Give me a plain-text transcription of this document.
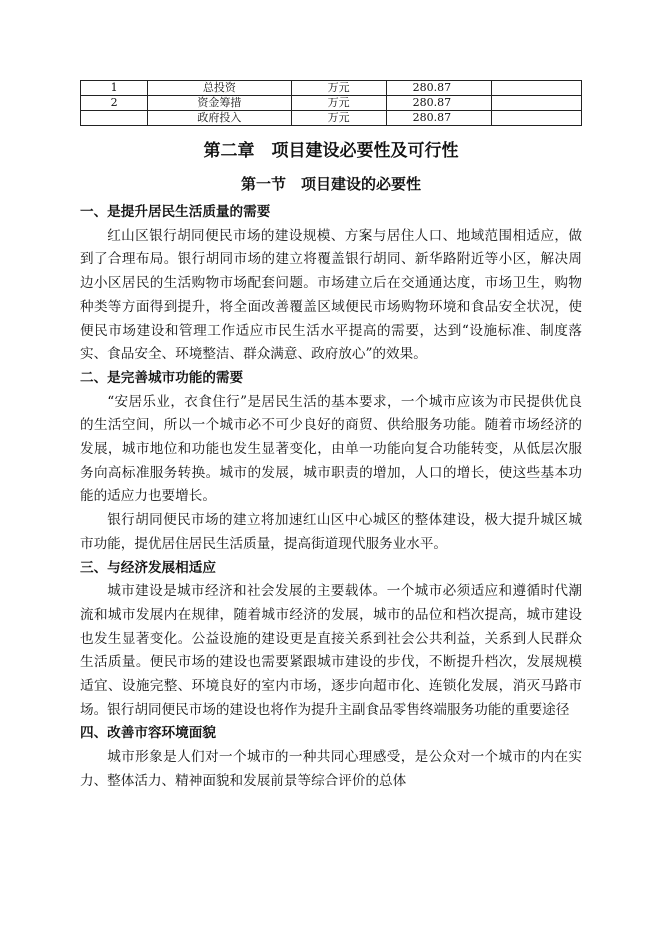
1	总投资	万元	280.87	
2	资金筹措	万元	280.87	
	政府投入	万元	280.87	
第二章　项目建设必要性及可行性
第一节　项目建设的必要性
一、是提升居民生活质量的需要

红山区银行胡同便民市场的建设规模、方案与居住人口、地域范围相适应，做到了合理布局。银行胡同市场的建立将覆盖银行胡同、新华路附近等小区，解决周边小区居民的生活购物市场配套问题。市场建立后在交通通达度，市场卫生，购物种类等方面得到提升，将全面改善覆盖区域便民市场购物环境和食品安全状况，使便民市场建设和管理工作适应市民生活水平提高的需要，达到“设施标准、制度落实、食品安全、环境整洁、群众满意、政府放心”的效果。

二、是完善城市功能的需要

“安居乐业，衣食住行”是居民生活的基本要求，一个城市应该为市民提供优良的生活空间，所以一个城市必不可少良好的商贸、供给服务功能。随着市场经济的发展，城市地位和功能也发生显著变化，由单一功能向复合功能转变，从低层次服务向高标准服务转换。城市的发展，城市职责的增加，人口的增长，使这些基本功能的适应力也要增长。

银行胡同便民市场的建立将加速红山区中心城区的整体建设，极大提升城区城市功能，提优居住居民生活质量，提高街道现代服务业水平。

三、与经济发展相适应

城市建设是城市经济和社会发展的主要载体。一个城市必须适应和遵循时代潮流和城市发展内在规律，随着城市经济的发展，城市的品位和档次提高，城市建设也发生显著变化。公益设施的建设更是直接关系到社会公共利益，关系到人民群众生活质量。便民市场的建设也需要紧跟城市建设的步伐，不断提升档次，发展规模适宜、设施完整、环境良好的室内市场，逐步向超市化、连锁化发展，消灭马路市场。银行胡同便民市场的建设也将作为提升主副食品零售终端服务功能的重要途径

四、改善市容环境面貌

城市形象是人们对一个城市的一种共同心理感受，是公众对一个城市的内在实力、整体活力、精神面貌和发展前景等综合评价的总体
